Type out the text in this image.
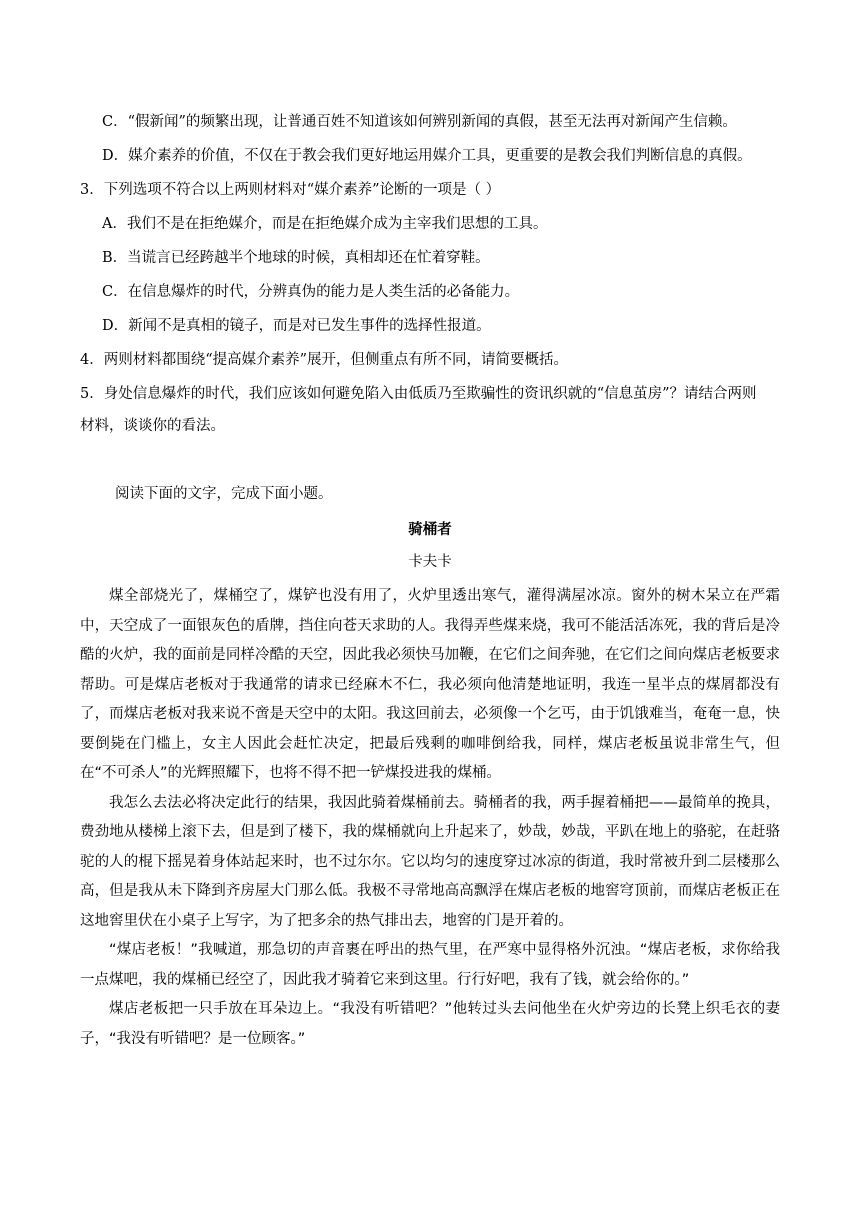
C．“假新闻”的频繁出现，让普通百姓不知道该如何辨别新闻的真假，甚至无法再对新闻产生信赖。
D．媒介素养的价值，不仅在于教会我们更好地运用媒介工具，更重要的是教会我们判断信息的真假。
3．下列选项不符合以上两则材料对“媒介素养”论断的一项是（ ）
A．我们不是在拒绝媒介，而是在拒绝媒介成为主宰我们思想的工具。
B．当谎言已经跨越半个地球的时候，真相却还在忙着穿鞋。
C．在信息爆炸的时代，分辨真伪的能力是人类生活的必备能力。
D．新闻不是真相的镜子，而是对已发生事件的选择性报道。
4．两则材料都围绕“提高媒介素养”展开，但侧重点有所不同，请简要概括。
5．身处信息爆炸的时代，我们应该如何避免陷入由低质乃至欺骗性的资讯织就的“信息茧房”？请结合两则
材料，谈谈你的看法。
阅读下面的文字，完成下面小题。
骑桶者
卡夫卡

煤全部烧光了，煤桶空了，煤铲也没有用了，火炉里透出寒气，灌得满屋冰凉。窗外的树木呆立在严霜中，天空成了一面银灰色的盾牌，挡住向苍天求助的人。我得弄些煤来烧，我可不能活活冻死，我的背后是冷酷的火炉，我的面前是同样冷酷的天空，因此我必须快马加鞭，在它们之间奔驰，在它们之间向煤店老板要求帮助。可是煤店老板对于我通常的请求已经麻木不仁，我必须向他清楚地证明，我连一星半点的煤屑都没有了，而煤店老板对我来说不啻是天空中的太阳。我这回前去，必须像一个乞丐，由于饥饿难当，奄奄一息，快要倒毙在门槛上，女主人因此会赶忙决定，把最后残剩的咖啡倒给我，同样，煤店老板虽说非常生气，但在“不可杀人”的光辉照耀下，也将不得不把一铲煤投进我的煤桶。

我怎么去法必将决定此行的结果，我因此骑着煤桶前去。骑桶者的我，两手握着桶把——最简单的挽具，费劲地从楼梯上滚下去，但是到了楼下，我的煤桶就向上升起来了，妙哉，妙哉，平趴在地上的骆驼，在赶骆驼的人的棍下摇晃着身体站起来时，也不过尔尔。它以均匀的速度穿过冰凉的街道，我时常被升到二层楼那么高，但是我从未下降到齐房屋大门那么低。我极不寻常地高高飘浮在煤店老板的地窖穹顶前，而煤店老板正在这地窖里伏在小桌子上写字，为了把多余的热气排出去，地窖的门是开着的。

“煤店老板！”我喊道，那急切的声音裹在呼出的热气里，在严寒中显得格外沉浊。“煤店老板，求你给我一点煤吧，我的煤桶已经空了，因此我才骑着它来到这里。行行好吧，我有了钱，就会给你的。”

煤店老板把一只手放在耳朵边上。“我没有听错吧？”他转过头去问他坐在火炉旁边的长凳上织毛衣的妻子，“我没有听错吧？是一位顾客。”
